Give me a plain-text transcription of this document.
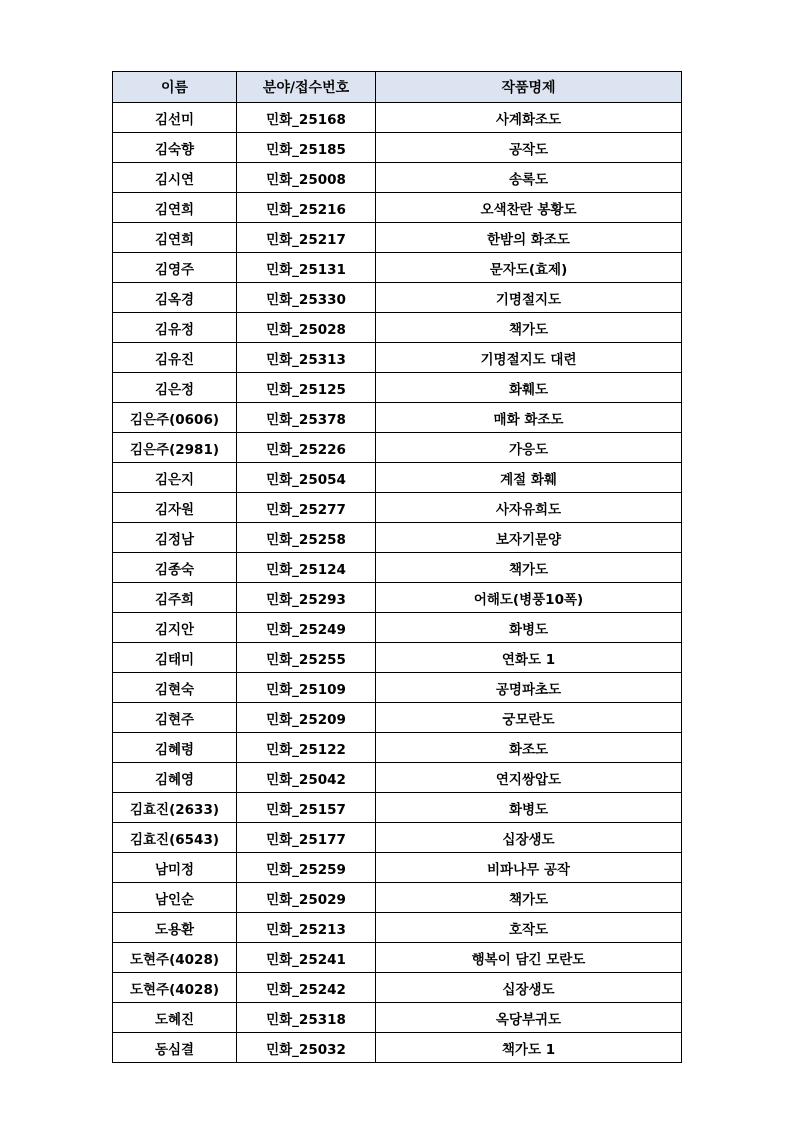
이름	분야/접수번호	작품명제
김선미	민화_25168	사계화조도
김숙향	민화_25185	공작도
김시연	민화_25008	송록도
김연희	민화_25216	오색찬란 봉황도
김연희	민화_25217	한밤의 화조도
김영주	민화_25131	문자도(효제)
김옥경	민화_25330	기명절지도
김유정	민화_25028	책가도
김유진	민화_25313	기명절지도 대련
김은정	민화_25125	화훼도
김은주(0606)	민화_25378	매화 화조도
김은주(2981)	민화_25226	가응도
김은지	민화_25054	계절 화훼
김자원	민화_25277	사자유희도
김정남	민화_25258	보자기문양
김종숙	민화_25124	책가도
김주희	민화_25293	어해도(병풍10폭)
김지안	민화_25249	화병도
김태미	민화_25255	연화도 1
김현숙	민화_25109	공명파초도
김현주	민화_25209	궁모란도
김혜령	민화_25122	화조도
김혜영	민화_25042	연지쌍압도
김효진(2633)	민화_25157	화병도
김효진(6543)	민화_25177	십장생도
남미정	민화_25259	비파나무 공작
남인순	민화_25029	책가도
도용환	민화_25213	호작도
도현주(4028)	민화_25241	행복이 담긴 모란도
도현주(4028)	민화_25242	십장생도
도혜진	민화_25318	옥당부귀도
동심결	민화_25032	책가도 1
